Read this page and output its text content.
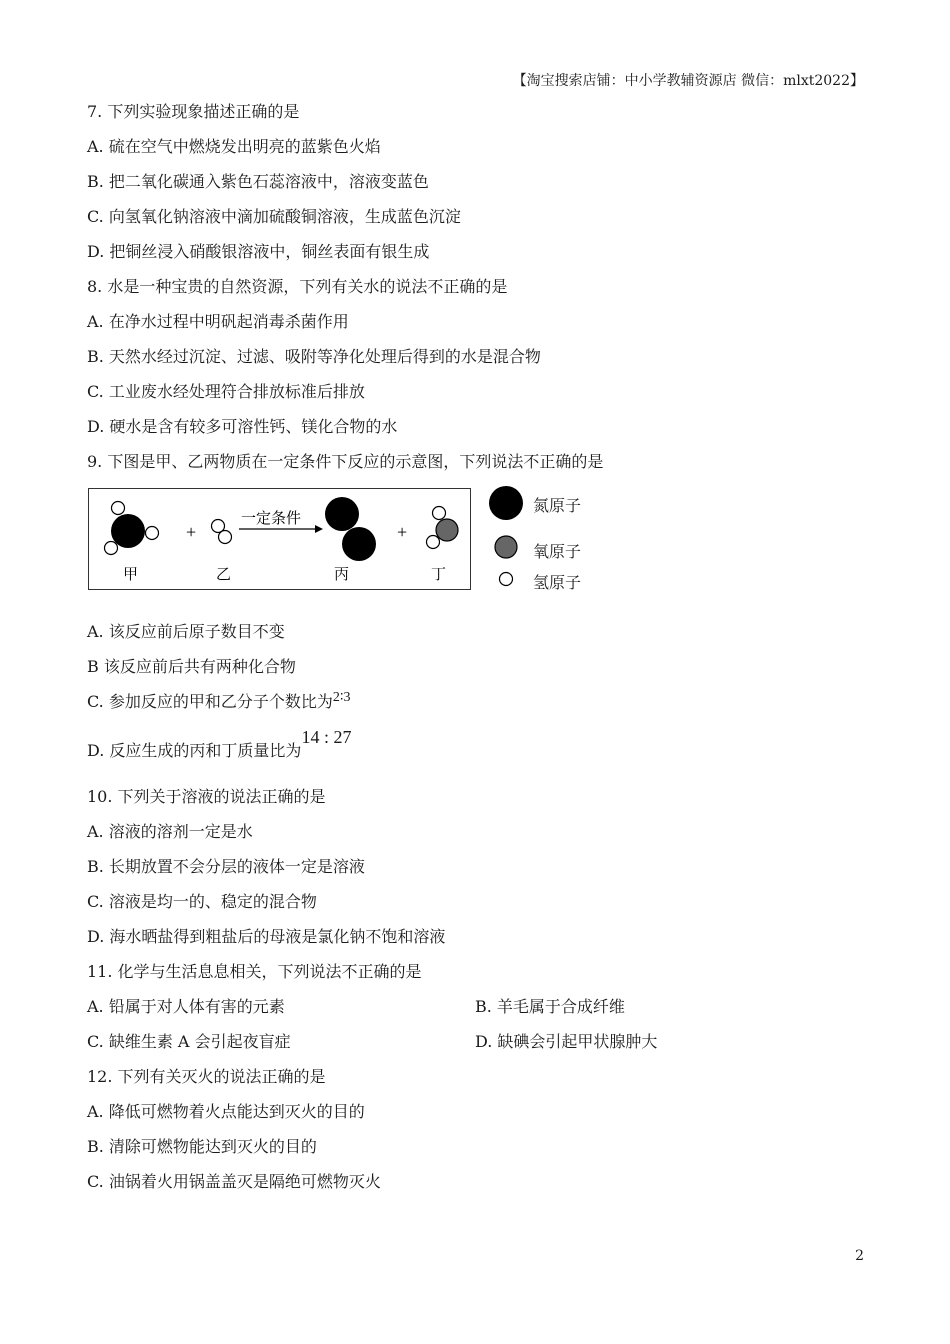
【淘宝搜索店铺：中小学教辅资源店 微信：mlxt2022】
7. 下列实验现象描述正确的是
A. 硫在空气中燃烧发出明亮的蓝紫色火焰
B. 把二氧化碳通入紫色石蕊溶液中，溶液变蓝色
C. 向氢氧化钠溶液中滴加硫酸铜溶液，生成蓝色沉淀
D. 把铜丝浸入硝酸银溶液中，铜丝表面有银生成
8. 水是一种宝贵的自然资源，下列有关水的说法不正确的是
A. 在净水过程中明矾起消毒杀菌作用
B. 天然水经过沉淀、过滤、吸附等净化处理后得到的水是混合物
C. 工业废水经处理符合排放标准后排放
D. 硬水是含有较多可溶性钙、镁化合物的水
9. 下图是甲、乙两物质在一定条件下反应的示意图，下列说法不正确的是
+
一定条件
+
甲	乙	丙	丁
氮原子
氧原子
氢原子
A. 该反应前后原子数目不变
B 该反应前后共有两种化合物
C. 参加反应的甲和乙分子个数比为2∶3
D. 反应生成的丙和丁质量比为14 : 27
10. 下列关于溶液的说法正确的是
A. 溶液的溶剂一定是水
B. 长期放置不会分层的液体一定是溶液
C. 溶液是均一的、稳定的混合物
D. 海水晒盐得到粗盐后的母液是氯化钠不饱和溶液
11. 化学与生活息息相关，下列说法不正确的是
A. 铅属于对人体有害的元素	B. 羊毛属于合成纤维
C. 缺维生素 A 会引起夜盲症	D. 缺碘会引起甲状腺肿大
12. 下列有关灭火的说法正确的是
A. 降低可燃物着火点能达到灭火的目的
B. 清除可燃物能达到灭火的目的
C. 油锅着火用锅盖盖灭是隔绝可燃物灭火
2
